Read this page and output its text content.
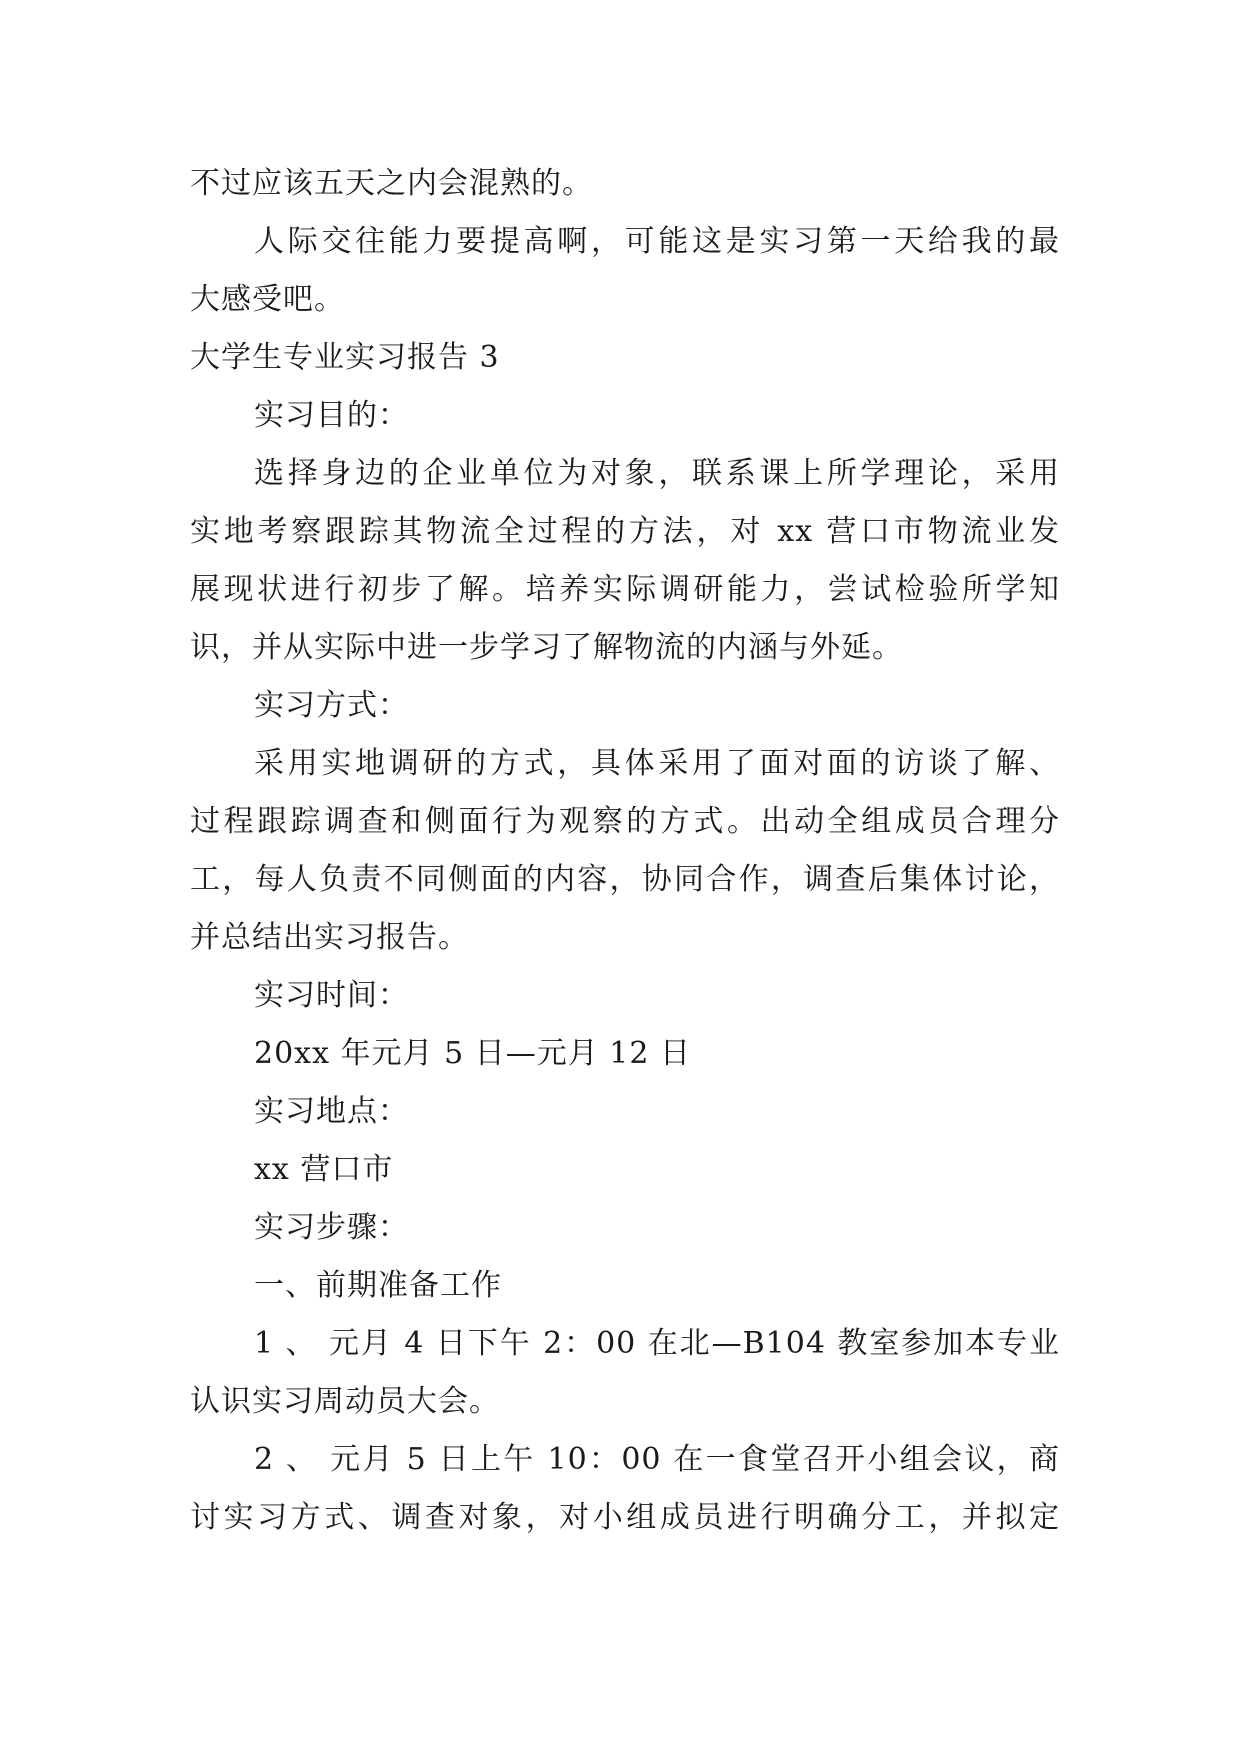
不过应该五天之内会混熟的。
人际交往能力要提高啊，可能这是实习第一天给我的最
大感受吧。
大学生专业实习报告 3
实习目的：
选择身边的企业单位为对象，联系课上所学理论，采用
实地考察跟踪其物流全过程的方法，对 xx 营口市物流业发
展现状进行初步了解。培养实际调研能力，尝试检验所学知
识，并从实际中进一步学习了解物流的内涵与外延。
实习方式：
采用实地调研的方式，具体采用了面对面的访谈了解、
过程跟踪调查和侧面行为观察的方式。出动全组成员合理分
工，每人负责不同侧面的内容，协同合作，调查后集体讨论，
并总结出实习报告。
实习时间：
20xx 年元月 5 日—元月 12 日
实习地点：
xx 营口市
实习步骤：
一、前期准备工作
1 、 元月 4 日下午 2：00 在北—B104 教室参加本专业
认识实习周动员大会。
2 、 元月 5 日上午 10：00 在一食堂召开小组会议，商
讨实习方式、调查对象，对小组成员进行明确分工，并拟定
